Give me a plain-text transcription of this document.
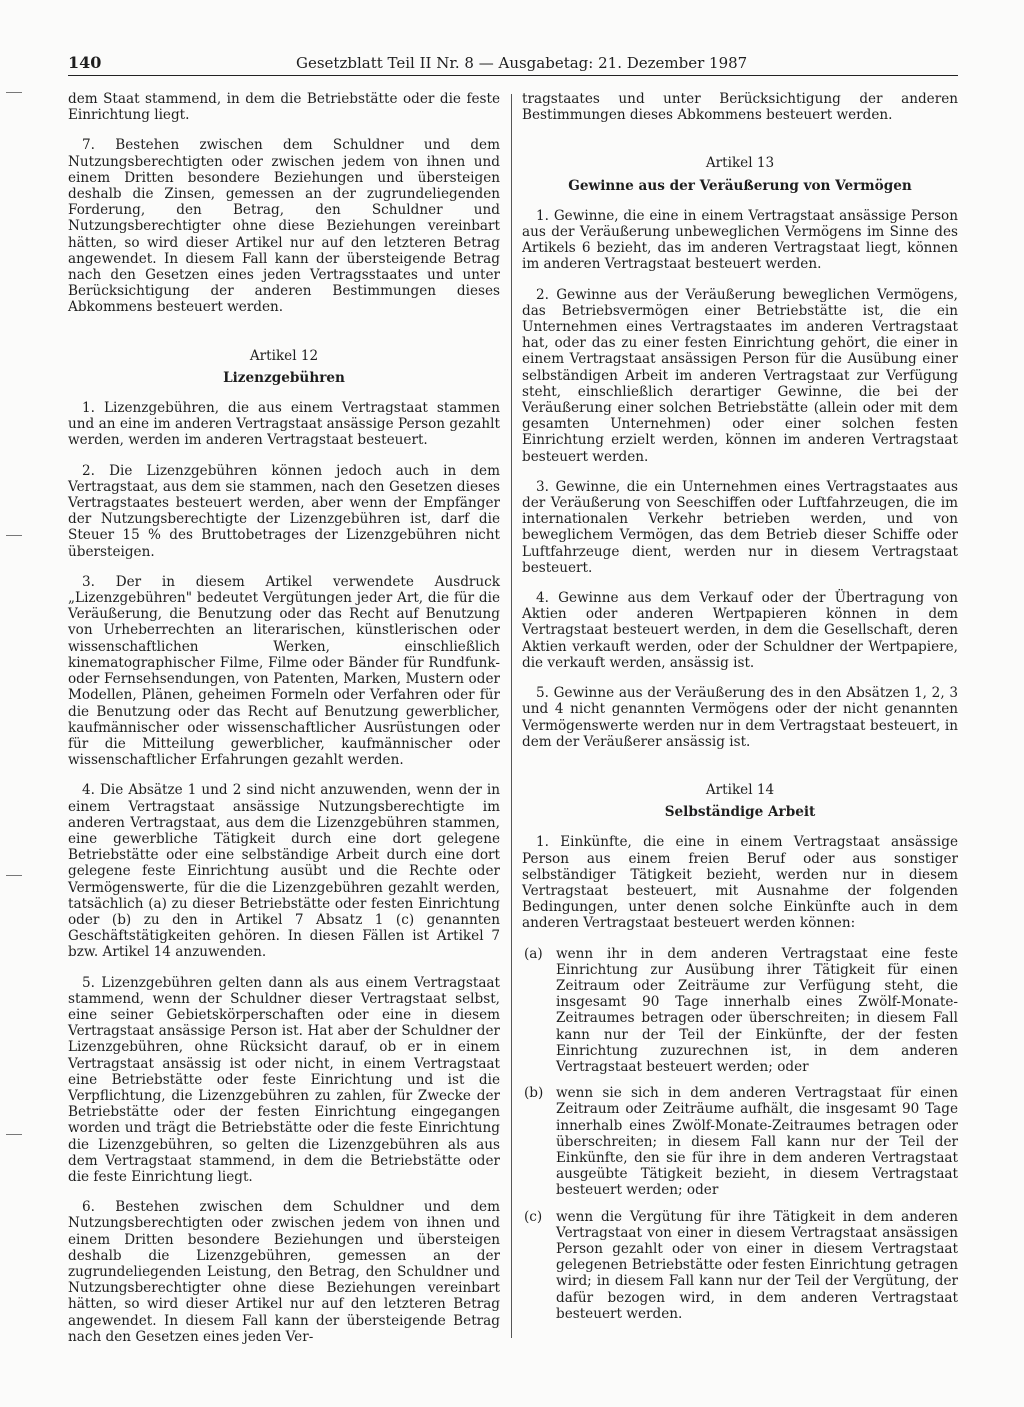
140	Gesetzblatt Teil II Nr. 8 — Ausgabetag: 21. Dezember 1987

dem Staat stammend, in dem die Betriebstätte oder die feste Einrichtung liegt.

7. Bestehen zwischen dem Schuldner und dem Nutzungsberechtigten oder zwischen jedem von ihnen und einem Dritten besondere Beziehungen und übersteigen deshalb die Zinsen, gemessen an der zugrundeliegenden Forderung, den Betrag, den Schuldner und Nutzungsberechtigter ohne diese Beziehungen vereinbart hätten, so wird dieser Artikel nur auf den letzteren Betrag angewendet. In diesem Fall kann der übersteigende Betrag nach den Gesetzen eines jeden Vertragsstaates und unter Berücksichtigung der anderen Bestimmungen dieses Abkommens besteuert werden.

Artikel 12
Lizenzgebühren

1. Lizenzgebühren, die aus einem Vertragstaat stammen und an eine im anderen Vertragstaat ansässige Person gezahlt werden, werden im anderen Vertragstaat besteuert.

2. Die Lizenzgebühren können jedoch auch in dem Vertragstaat, aus dem sie stammen, nach den Gesetzen dieses Vertragstaates besteuert werden, aber wenn der Empfänger der Nutzungsberechtigte der Lizenzgebühren ist, darf die Steuer 15 % des Bruttobetrages der Lizenzgebühren nicht übersteigen.

3. Der in diesem Artikel verwendete Ausdruck „Lizenzgebühren" bedeutet Vergütungen jeder Art, die für die Veräußerung, die Benutzung oder das Recht auf Benutzung von Urheberrechten an literarischen, künstlerischen oder wissenschaftlichen Werken, einschließlich kinematographischer Filme, Filme oder Bänder für Rundfunk- oder Fernsehsendungen, von Patenten, Marken, Mustern oder Modellen, Plänen, geheimen Formeln oder Verfahren oder für die Benutzung oder das Recht auf Benutzung gewerblicher, kaufmännischer oder wissenschaftlicher Ausrüstungen oder für die Mitteilung gewerblicher, kaufmännischer oder wissenschaftlicher Erfahrungen gezahlt werden.

4. Die Absätze 1 und 2 sind nicht anzuwenden, wenn der in einem Vertragstaat ansässige Nutzungsberechtigte im anderen Vertragstaat, aus dem die Lizenzgebühren stammen, eine gewerbliche Tätigkeit durch eine dort gelegene Betriebstätte oder eine selbständige Arbeit durch eine dort gelegene feste Einrichtung ausübt und die Rechte oder Vermögenswerte, für die die Lizenzgebühren gezahlt werden, tatsächlich (a) zu dieser Betriebstätte oder festen Einrichtung oder (b) zu den in Artikel 7 Absatz 1 (c) genannten Geschäftstätigkeiten gehören. In diesen Fällen ist Artikel 7 bzw. Artikel 14 anzuwenden.

5. Lizenzgebühren gelten dann als aus einem Vertragstaat stammend, wenn der Schuldner dieser Vertragstaat selbst, eine seiner Gebietskörperschaften oder eine in diesem Vertragstaat ansässige Person ist. Hat aber der Schuldner der Lizenzgebühren, ohne Rücksicht darauf, ob er in einem Vertragstaat ansässig ist oder nicht, in einem Vertragstaat eine Betriebstätte oder feste Einrichtung und ist die Verpflichtung, die Lizenzgebühren zu zahlen, für Zwecke der Betriebstätte oder der festen Einrichtung eingegangen worden und trägt die Betriebstätte oder die feste Einrichtung die Lizenzgebühren, so gelten die Lizenzgebühren als aus dem Vertragstaat stammend, in dem die Betriebstätte oder die feste Einrichtung liegt.

6. Bestehen zwischen dem Schuldner und dem Nutzungsberechtigten oder zwischen jedem von ihnen und einem Dritten besondere Beziehungen und übersteigen deshalb die Lizenzgebühren, gemessen an der zugrundeliegenden Leistung, den Betrag, den Schuldner und Nutzungsberechtigter ohne diese Beziehungen vereinbart hätten, so wird dieser Artikel nur auf den letzteren Betrag angewendet. In diesem Fall kann der übersteigende Betrag nach den Gesetzen eines jeden Ver-

tragstaates und unter Berücksichtigung der anderen Bestimmungen dieses Abkommens besteuert werden.

Artikel 13
Gewinne aus der Veräußerung von Vermögen

1. Gewinne, die eine in einem Vertragstaat ansässige Person aus der Veräußerung unbeweglichen Vermögens im Sinne des Artikels 6 bezieht, das im anderen Vertragstaat liegt, können im anderen Vertragstaat besteuert werden.

2. Gewinne aus der Veräußerung beweglichen Vermögens, das Betriebsvermögen einer Betriebstätte ist, die ein Unternehmen eines Vertragstaates im anderen Vertragstaat hat, oder das zu einer festen Einrichtung gehört, die einer in einem Vertragstaat ansässigen Person für die Ausübung einer selbständigen Arbeit im anderen Vertragstaat zur Verfügung steht, einschließlich derartiger Gewinne, die bei der Veräußerung einer solchen Betriebstätte (allein oder mit dem gesamten Unternehmen) oder einer solchen festen Einrichtung erzielt werden, können im anderen Vertragstaat besteuert werden.

3. Gewinne, die ein Unternehmen eines Vertragstaates aus der Veräußerung von Seeschiffen oder Luftfahrzeugen, die im internationalen Verkehr betrieben werden, und von beweglichem Vermögen, das dem Betrieb dieser Schiffe oder Luftfahrzeuge dient, werden nur in diesem Vertragstaat besteuert.

4. Gewinne aus dem Verkauf oder der Übertragung von Aktien oder anderen Wertpapieren können in dem Vertragstaat besteuert werden, in dem die Gesellschaft, deren Aktien verkauft werden, oder der Schuldner der Wertpapiere, die verkauft werden, ansässig ist.

5. Gewinne aus der Veräußerung des in den Absätzen 1, 2, 3 und 4 nicht genannten Vermögens oder der nicht genannten Vermögenswerte werden nur in dem Vertragstaat besteuert, in dem der Veräußerer ansässig ist.

Artikel 14
Selbständige Arbeit

1. Einkünfte, die eine in einem Vertragstaat ansässige Person aus einem freien Beruf oder aus sonstiger selbständiger Tätigkeit bezieht, werden nur in diesem Vertragstaat besteuert, mit Ausnahme der folgenden Bedingungen, unter denen solche Einkünfte auch in dem anderen Vertragstaat besteuert werden können:

(a) wenn ihr in dem anderen Vertragstaat eine feste Einrichtung zur Ausübung ihrer Tätigkeit für einen Zeitraum oder Zeiträume zur Verfügung steht, die insgesamt 90 Tage innerhalb eines Zwölf-Monate-Zeitraumes betragen oder überschreiten; in diesem Fall kann nur der Teil der Einkünfte, der der festen Einrichtung zuzurechnen ist, in dem anderen Vertragstaat besteuert werden; oder
(b) wenn sie sich in dem anderen Vertragstaat für einen Zeitraum oder Zeiträume aufhält, die insgesamt 90 Tage innerhalb eines Zwölf-Monate-Zeitraumes betragen oder überschreiten; in diesem Fall kann nur der Teil der Einkünfte, den sie für ihre in dem anderen Vertragstaat ausgeübte Tätigkeit bezieht, in diesem Vertragstaat besteuert werden; oder
(c)	wenn die Vergütung für ihre Tätigkeit in dem anderen Vertragstaat von einer in diesem Vertragstaat ansässigen Person gezahlt oder von einer in diesem Vertragstaat gelegenen Betriebstätte oder festen Einrichtung getragen wird; in diesem Fall kann nur der Teil der Vergütung, der dafür bezogen wird, in dem anderen Vertragstaat besteuert werden.
